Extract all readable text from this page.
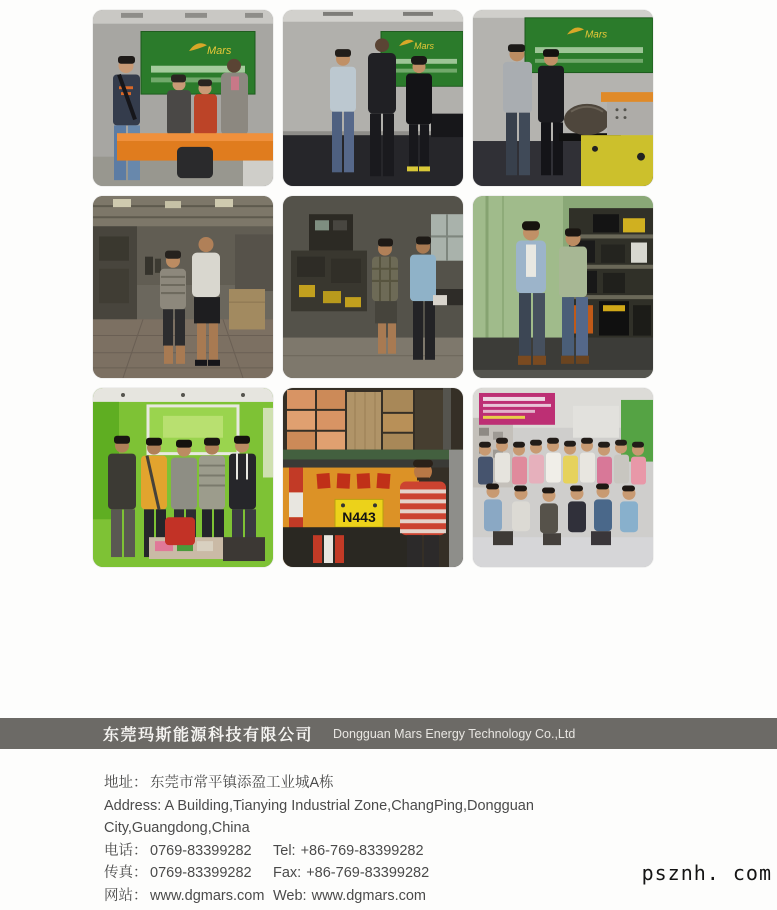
Mars	Mars
Mars
N443
东莞玛斯能源科技有限公司 Dongguan Mars Energy Technology Co.,Ltd
地址： 东莞市常平镇添盈工业城A栋
Address: A Building,Tianying Industrial Zone,ChangPing,Dongguan City,Guangdong,China
电话： 0769-83399282 Tel: +86-769-83399282
传真： 0769-83399282 Fax: +86-769-83399282
网站： www.dgmars.com Web: www.dgmars.com
psznh. com
